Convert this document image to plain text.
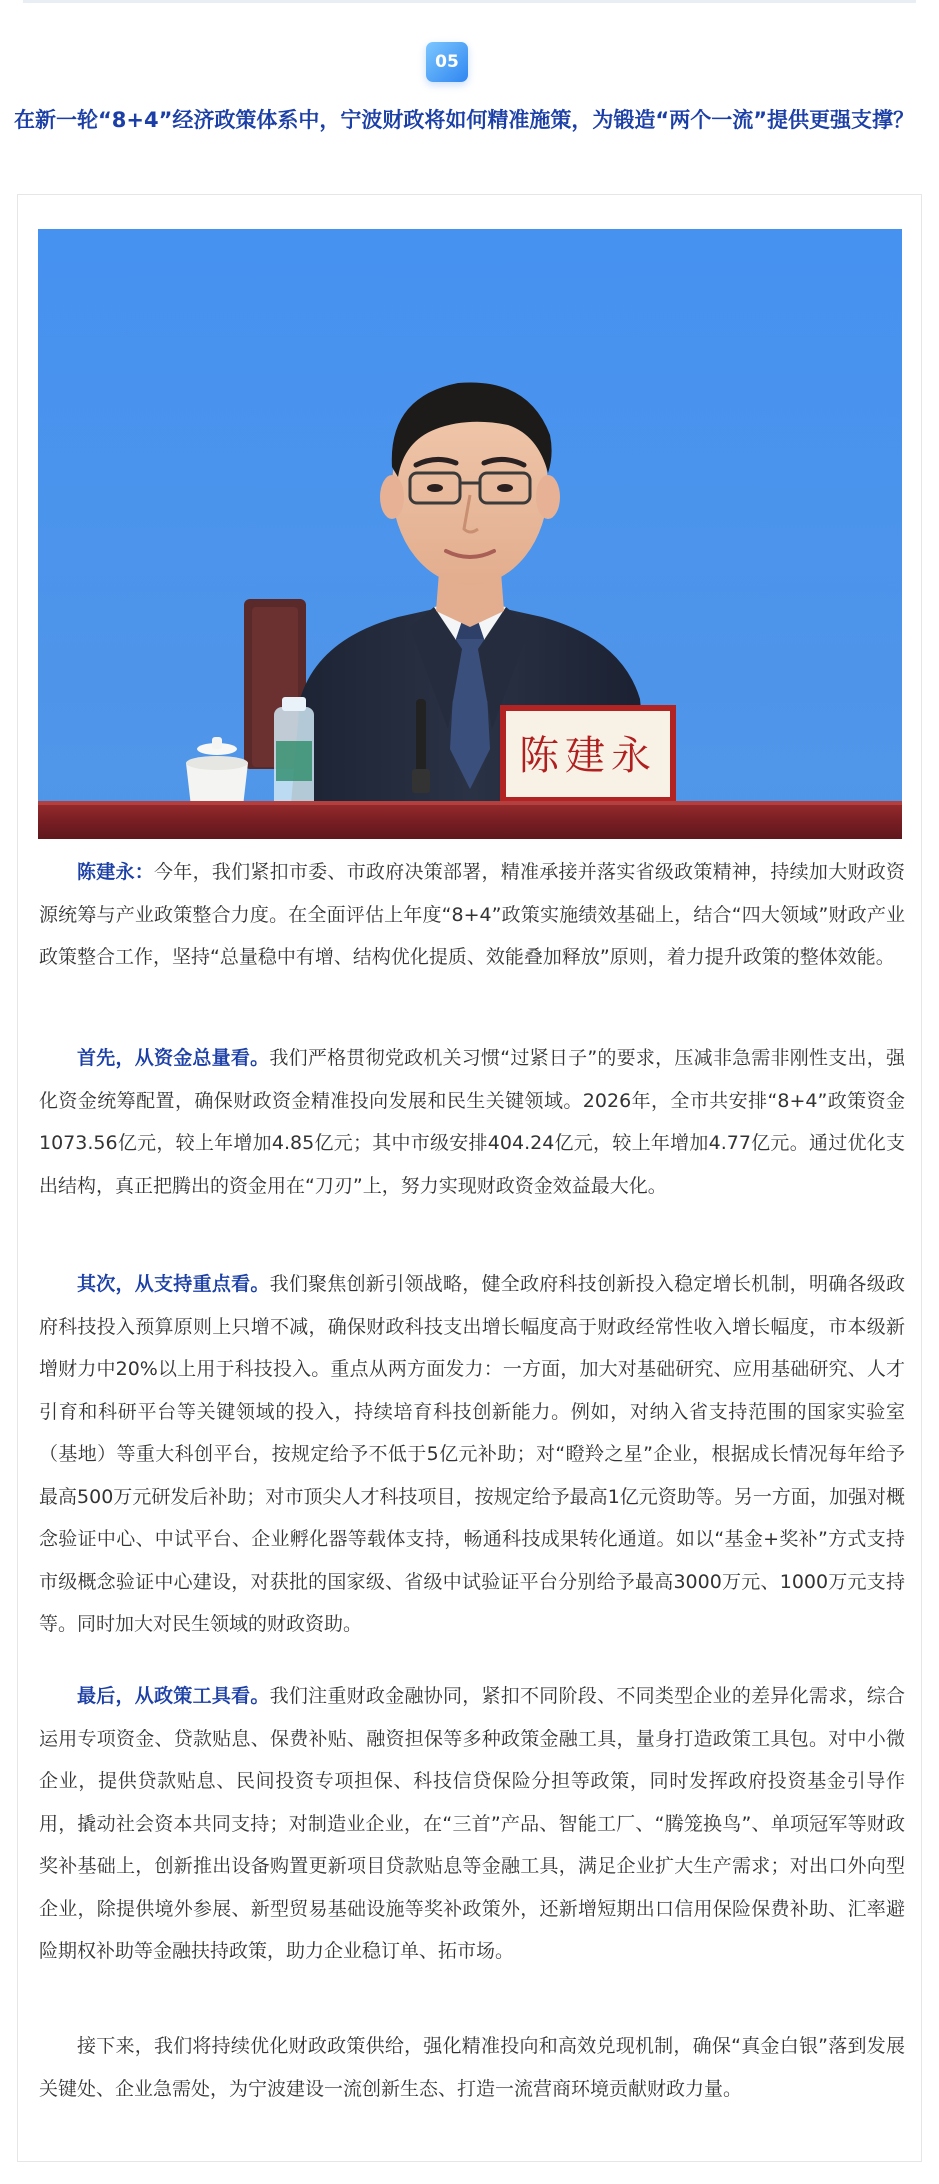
05
在新一轮“8+4”经济政策体系中，宁波财政将如何精准施策，为锻造“两个一流”提供更强支撑？
陈建永

陈建永：今年，我们紧扣市委、市政府决策部署，精准承接并落实省级政策精神，持续加大财政资源统筹与产业政策整合力度。在全面评估上年度“8+4”政策实施绩效基础上，结合“四大领域”财政产业政策整合工作，坚持“总量稳中有增、结构优化提质、效能叠加释放”原则，着力提升政策的整体效能。

首先，从资金总量看。我们严格贯彻党政机关习惯“过紧日子”的要求，压减非急需非刚性支出，强化资金统筹配置，确保财政资金精准投向发展和民生关键领域。2026年，全市共安排“8+4”政策资金1073.56亿元，较上年增加4.85亿元；其中市级安排404.24亿元，较上年增加4.77亿元。通过优化支出结构，真正把腾出的资金用在“刀刃”上，努力实现财政资金效益最大化。

其次，从支持重点看。我们聚焦创新引领战略，健全政府科技创新投入稳定增长机制，明确各级政府科技投入预算原则上只增不减，确保财政科技支出增长幅度高于财政经常性收入增长幅度，市本级新增财力中20%以上用于科技投入。重点从两方面发力：一方面，加大对基础研究、应用基础研究、人才引育和科研平台等关键领域的投入，持续培育科技创新能力。例如，对纳入省支持范围的国家实验室（基地）等重大科创平台，按规定给予不低于5亿元补助；对“瞪羚之星”企业，根据成长情况每年给予最高500万元研发后补助；对市顶尖人才科技项目，按规定给予最高1亿元资助等。另一方面，加强对概念验证中心、中试平台、企业孵化器等载体支持，畅通科技成果转化通道。如以“基金+奖补”方式支持市级概念验证中心建设，对获批的国家级、省级中试验证平台分别给予最高3000万元、1000万元支持等。同时加大对民生领域的财政资助。

最后，从政策工具看。我们注重财政金融协同，紧扣不同阶段、不同类型企业的差异化需求，综合运用专项资金、贷款贴息、保费补贴、融资担保等多种政策金融工具，量身打造政策工具包。对中小微企业，提供贷款贴息、民间投资专项担保、科技信贷保险分担等政策，同时发挥政府投资基金引导作用，撬动社会资本共同支持；对制造业企业，在“三首”产品、智能工厂、“腾笼换鸟”、单项冠军等财政奖补基础上，创新推出设备购置更新项目贷款贴息等金融工具，满足企业扩大生产需求；对出口外向型企业，除提供境外参展、新型贸易基础设施等奖补政策外，还新增短期出口信用保险保费补助、汇率避险期权补助等金融扶持政策，助力企业稳订单、拓市场。

接下来，我们将持续优化财政政策供给，强化精准投向和高效兑现机制，确保“真金白银”落到发展关键处、企业急需处，为宁波建设一流创新生态、打造一流营商环境贡献财政力量。
